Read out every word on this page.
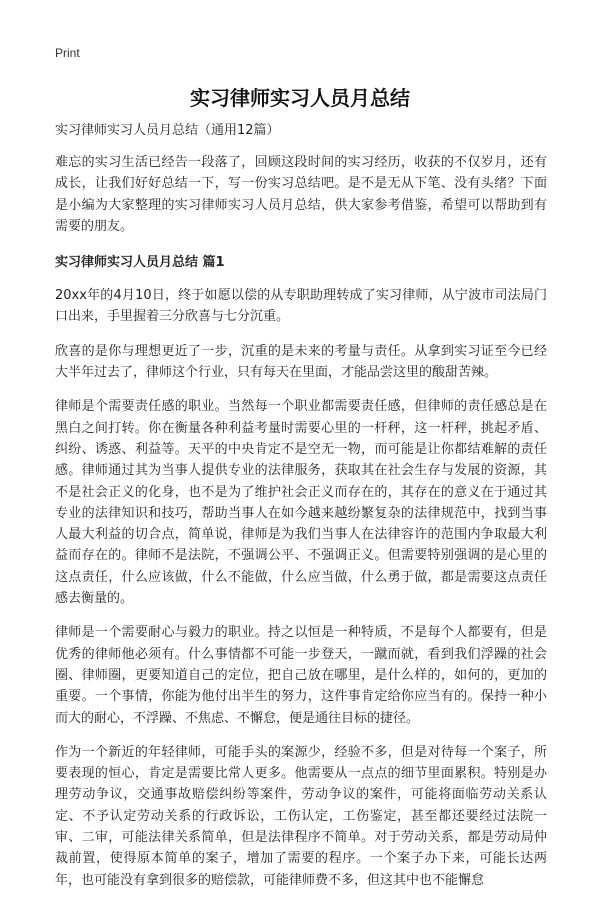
Print
实习律师实习人员月总结
实习律师实习人员月总结（通用12篇）

难忘的实习生活已经告一段落了，回顾这段时间的实习经历，收获的不仅岁月，还有成长，让我们好好总结一下，写一份实习总结吧。是不是无从下笔、没有头绪？下面是小编为大家整理的实习律师实习人员月总结，供大家参考借鉴，希望可以帮助到有需要的朋友。

实习律师实习人员月总结 篇1

20xx年的4月10日，终于如愿以偿的从专职助理转成了实习律师，从宁波市司法局门口出来，手里握着三分欣喜与七分沉重。

欣喜的是你与理想更近了一步，沉重的是未来的考量与责任。从拿到实习证至今已经大半年过去了，律师这个行业，只有每天在里面，才能品尝这里的酸甜苦辣。

律师是个需要责任感的职业。当然每一个职业都需要责任感，但律师的责任感总是在黑白之间打转。你在衡量各种利益考量时需要心里的一杆秤，这一杆秤，挑起矛盾、纠纷、诱惑、利益等。天平的中央肯定不是空无一物，而可能是让你都结难解的责任感。律师通过其为当事人提供专业的法律服务，获取其在社会生存与发展的资源，其不是社会正义的化身，也不是为了维护社会正义而存在的，其存在的意义在于通过其专业的法律知识和技巧，帮助当事人在如今越来越纷繁复杂的法律规范中，找到当事人最大利益的切合点，简单说，律师是为我们当事人在法律容许的范围内争取最大利益而存在的。律师不是法院，不强调公平、不强调正义。但需要特别强调的是心里的这点责任，什么应该做，什么不能做，什么应当做，什么勇于做，都是需要这点责任感去衡量的。

律师是一个需要耐心与毅力的职业。持之以恒是一种特质，不是每个人都要有，但是优秀的律师他必须有。什么事情都不可能一步登天，一蹴而就，看到我们浮躁的社会圈、律师圈，更要知道自己的定位，把自己放在哪里，是什么样的，如何的，更加的重要。一个事情，你能为他付出半生的努力，这件事肯定给你应当有的。保持一种小而大的耐心，不浮躁、不焦虑、不懈怠，便是通往目标的捷径。

作为一个新近的年轻律师，可能手头的案源少，经验不多，但是对待每一个案子，所要表现的恒心，肯定是需要比常人更多。他需要从一点点的细节里面累积。特别是办理劳动争议，交通事故赔偿纠纷等案件，劳动争议的案件，可能将面临劳动关系认定、不予认定劳动关系的行政诉讼，工伤认定，工伤鉴定，甚至都还要经过法院一审、二审，可能法律关系简单，但是法律程序不简单。对于劳动关系，都是劳动局仲裁前置，使得原本简单的案子，增加了需要的程序。一个案子办下来，可能长达两年，也可能没有拿到很多的赔偿款，可能律师费不多，但这其中也不能懈怠
